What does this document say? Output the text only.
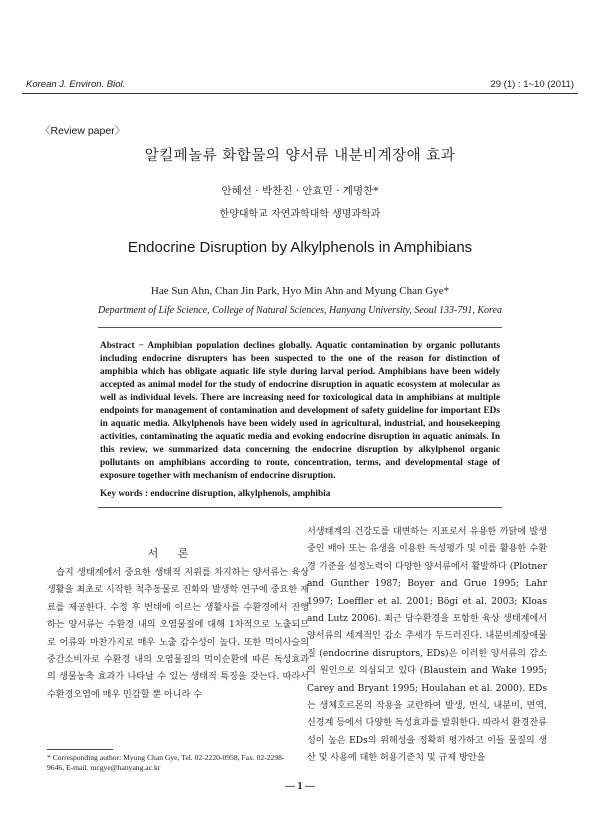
Korean J. Environ. Biol.	29 (1) : 1~10 (2011)
〈Review paper〉
알킬페놀류 화합물의 양서류 내분비계장애 효과
안혜선 · 박찬진 · 안효민 · 계명찬*
한양대학교 자연과학대학 생명과학과
Endocrine Disruption by Alkylphenols in Amphibians
Hae Sun Ahn, Chan Jin Park, Hyo Min Ahn and Myung Chan Gye*
Department of Life Science, College of Natural Sciences, Hanyang University, Seoul 133-791, Korea

Abstract − Amphibian population declines globally. Aquatic contamination by organic pollutants including endocrine disrupters has been suspected to the one of the reason for distinction of amphibia which has obligate aquatic life style during larval period. Amphibians have been widely accepted as animal model for the study of endocrine disruption in aquatic ecosystem at molecular as well as individual levels. There are increasing need for toxicological data in amphibians at multiple endpoints for management of contamination and development of safety guideline for important EDs in aquatic media. Alkylphenols have been widely used in agricultural, industrial, and housekeeping activities, contaminating the aquatic media and evoking endocrine disruption in aquatic animals. In this review, we summarized data concerning the endocrine disruption by alkylphenol organic pollutants on amphibians according to route, concentration, terms, and developmental stage of exposure together with mechanism of endocrine disruption.

Key words : endocrine disruption, alkylphenols, amphibia
서 론

습지 생태계에서 중요한 생태적 지위를 차지하는 양서류는 육상생활을 최초로 시작한 척추동물로 진화와 발생학 연구에 중요한 재료를 제공한다. 수정 후 번태에 이르는 생활사를 수환경에서 진행하는 양서류는 수환경 내의 오염물질에 대해 1차적으로 노출되므로 어류와 마찬가지로 매우 노출 감수성이 높다. 또한 먹이사슬의 중간소비자로 수환경 내의 오염물질의 먹이순환에 따른 독성효과의 생물농축 효과가 나타날 수 있는 생태적 특징을 갖는다. 따라서 수환경오염에 매우 민감할 뿐 아니라 수

서생태계의 건강도를 대변하는 지표로서 유용한 까닭에 발생 중인 배아 또는 유생을 이용한 독성평가 및 이를 활용한 수환경 기준을 설정노력이 다양한 양서류에서 활발하다 (Plotner and Gunther 1987; Boyer and Grue 1995; Lahr 1997; Loeffler et al. 2001; Bögi et al. 2003; Kloas and Lutz 2006). 최근 담수환경을 포함한 육상 생태계에서 양서류의 세계적인 감소 추세가 두드러진다. 내분비계장애물질 (endocrine disruptors, EDs)은 이러한 양서류의 감소의 원인으로 의심되고 있다 (Blaustein and Wake 1995; Carey and Bryant 1995; Houlahan et al. 2000). EDs는 생체호르몬의 작용을 교란하여 발생, 번식, 내분비, 면역, 신경계 등에서 다양한 독성효과를 발휘한다. 따라서 환경잔류성이 높은 EDs의 위해성을 정확히 평가하고 이들 물질의 생산 및 사용에 대한 허용기준치 및 규제 방안을

* Corresponding author: Myung Chan Gye, Tel. 02-2220-0958, Fax. 02-2298-9646, E-mail. mcgye@hanyang.ac.kr
— 1 —
